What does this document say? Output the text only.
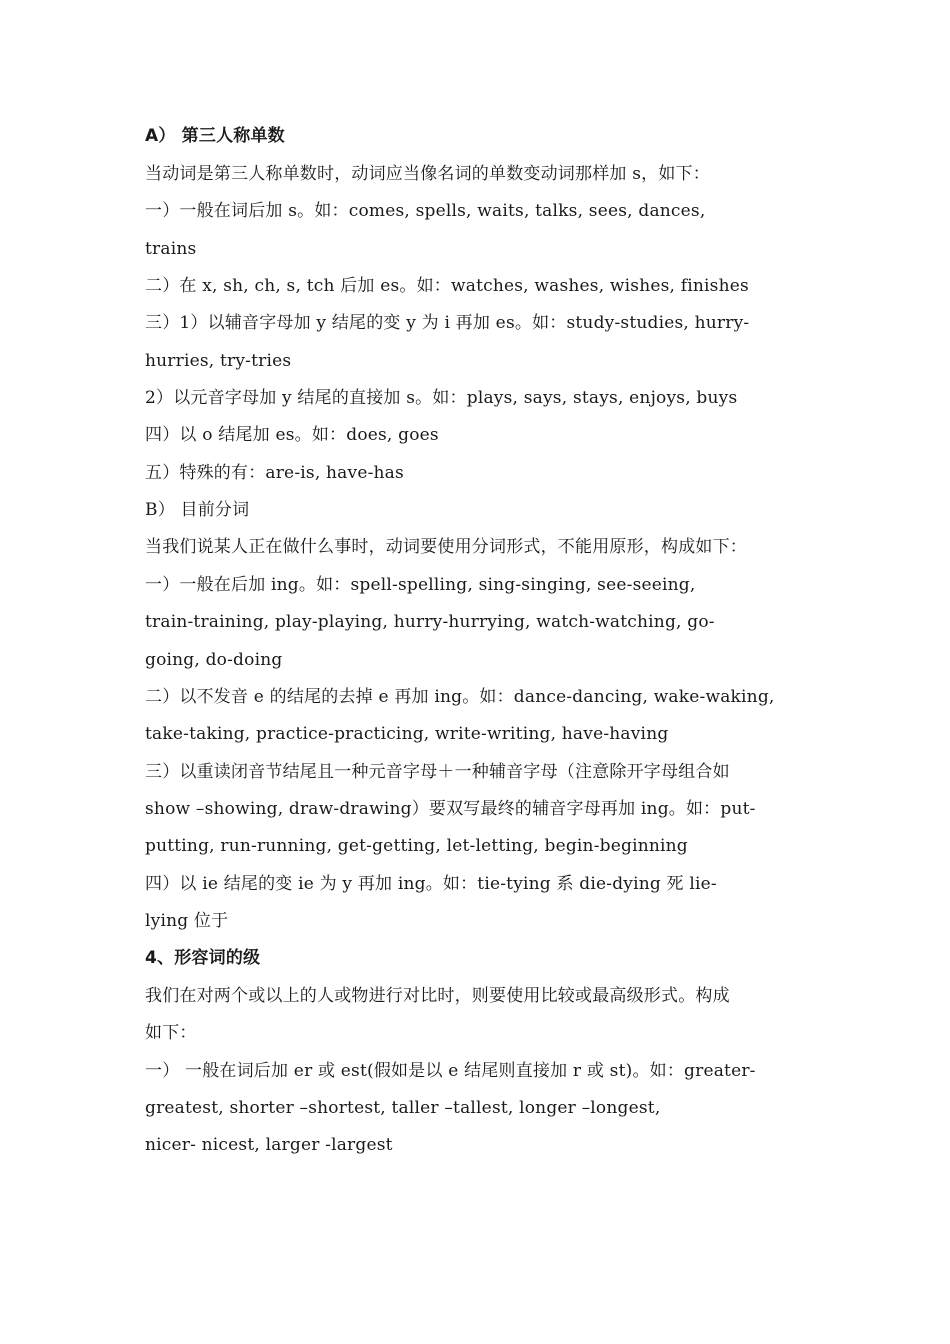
A） 第三人称单数

当动词是第三人称单数时，动词应当像名词的单数变动词那样加 s，如下：

一）一般在词后加 s。如：comes, spells, waits, talks, sees, dances,

trains

二）在 x, sh, ch, s, tch 后加 es。如：watches, washes, wishes, finishes

三）1）以辅音字母加 y 结尾的变 y 为 i 再加 es。如：study-studies, hurry-

hurries, try-tries

2）以元音字母加 y 结尾的直接加 s。如：plays, says, stays, enjoys, buys

四）以 o 结尾加 es。如：does, goes

五）特殊的有：are-is, have-has

B） 目前分词

当我们说某人正在做什么事时，动词要使用分词形式，不能用原形，构成如下：

一）一般在后加 ing。如：spell-spelling, sing-singing, see-seeing,

train-training, play-playing, hurry-hurrying, watch-watching, go-

going, do-doing

二）以不发音 e 的结尾的去掉 e 再加 ing。如：dance-dancing, wake-waking,

take-taking, practice-practicing, write-writing, have-having

三）以重读闭音节结尾且一种元音字母＋一种辅音字母（注意除开字母组合如

show –showing, draw-drawing）要双写最终的辅音字母再加 ing。如：put-

putting, run-running, get-getting, let-letting, begin-beginning

四）以 ie 结尾的变 ie 为 y 再加 ing。如：tie-tying 系 die-dying 死 lie-

lying 位于

4、形容词的级

我们在对两个或以上的人或物进行对比时，则要使用比较或最高级形式。构成

如下：

一） 一般在词后加 er 或 est(假如是以 e 结尾则直接加 r 或 st)。如：greater-

greatest, shorter –shortest, taller –tallest, longer –longest,

nicer- nicest, larger -largest
